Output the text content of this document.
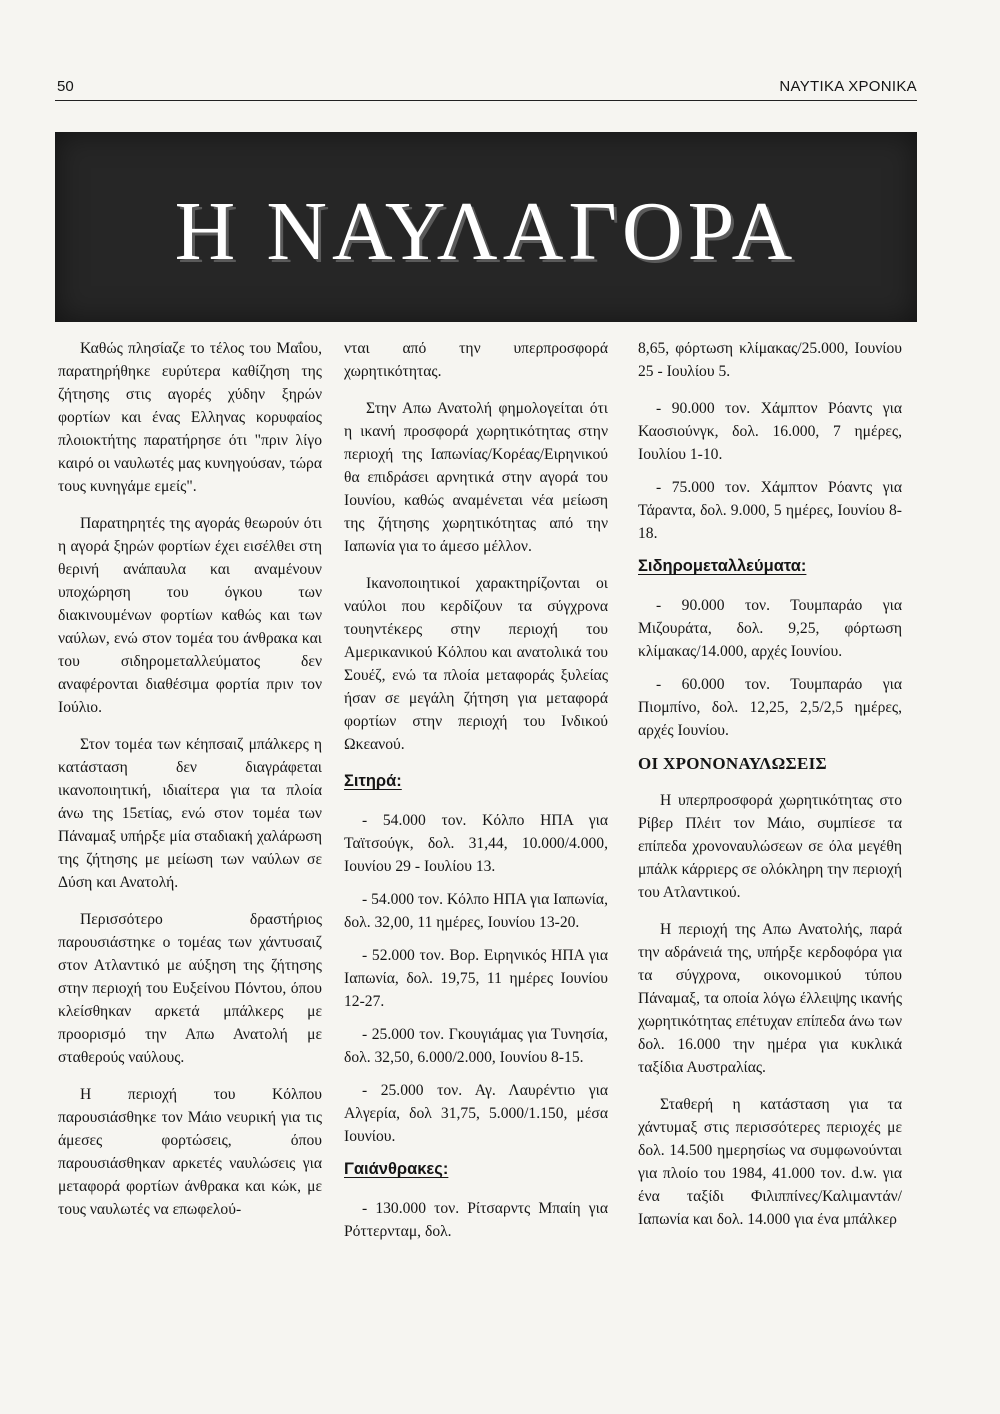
50	ΝΑΥΤΙΚΑ ΧΡΟΝΙΚΑ
Η ΝΑΥΛΑΓΟΡΑ

Καθώς πλησίαζε το τέλος του Μαΐου, παρατηρήθηκε ευρύτερα καθίζηση της ζήτησης στις αγορές χύδην ξηρών φορτίων και ένας Ελληνας κορυφαίος πλοιοκτήτης παρατήρησε ότι "πριν λίγο καιρό οι ναυλωτές μας κυνηγούσαν, τώρα τους κυνηγάμε εμείς".

Παρατηρητές της αγοράς θεωρούν ότι η αγορά ξηρών φορτίων έχει εισέλθει στη θερινή ανάπαυλα και αναμένουν υποχώρηση του όγκου των διακινουμένων φορτίων καθώς και των ναύλων, ενώ στον τομέα του άνθρακα και του σιδηρομεταλλεύματος δεν αναφέρονται διαθέσιμα φορτία πριν τον Ιούλιο.

Στον τομέα των κέηπσαιζ μπάλκερς η κατάσταση δεν διαγράφεται ικανοποιητική, ιδιαίτερα για τα πλοία άνω της 15ετίας, ενώ στον τομέα των Πάναμαξ υπήρξε μία σταδιακή χαλάρωση της ζήτησης με μείωση των ναύλων σε Δύση και Ανατολή.

Περισσότερο δραστήριος παρουσιάστηκε ο τομέας των χάντυσαιζ στον Ατλαντικό με αύξηση της ζήτησης στην περιοχή του Ευξείνου Πόντου, όπου κλείσθηκαν αρκετά μπάλκερς με προορισμό την Απω Ανατολή με σταθερούς ναύλους.

Η περιοχή του Κόλπου παρουσιάσθηκε τον Μάιο νευρική για τις άμεσες φορτώσεις, όπου παρουσιάσθηκαν αρκετές ναυλώσεις για μεταφορά φορτίων άνθρακα και κώκ, με τους ναυλωτές να επωφελού-

νται από την υπερπροσφορά χωρητικότητας.

Στην Απω Ανατολή φημολογείται ότι η ικανή προσφορά χωρητικότητας στην περιοχή της Ιαπωνίας/Κορέας/Ειρηνικού θα επιδράσει αρνητικά στην αγορά του Ιουνίου, καθώς αναμένεται νέα μείωση της ζήτησης χωρητικότητας από την Ιαπωνία για το άμεσο μέλλον.

Ικανοποιητικοί χαρακτηρίζονται οι ναύλοι που κερδίζουν τα σύγχρονα τουηντέκερς στην περιοχή του Αμερικανικού Κόλπου και ανατολικά του Σουέζ, ενώ τα πλοία μεταφοράς ξυλείας ήσαν σε μεγάλη ζήτηση για μεταφορά φορτίων στην περιοχή του Ινδικού Ωκεανού.

Σιτηρά:

- 54.000 τον. Κόλπο ΗΠΑ για Ταϊτσούγκ, δολ. 31,44, 10.000/4.000, Ιουνίου 29 - Ιουλίου 13.

- 54.000 τον. Κόλπο ΗΠΑ για Ιαπωνία, δολ. 32,00, 11 ημέρες, Ιουνίου 13-20.

- 52.000 τον. Βορ. Ειρηνικός ΗΠΑ για Ιαπωνία, δολ. 19,75, 11 ημέρες Ιουνίου 12-27.

- 25.000 τον. Γκουγιάμας για Τυνησία, δολ. 32,50, 6.000/2.000, Ιουνίου 8-15.

- 25.000 τον. Αγ. Λαυρέντιο για Αλγερία, δολ 31,75, 5.000/1.150, μέσα Ιουνίου.

Γαιάνθρακες:

- 130.000 τον. Ρίτσαρντς Μπαίη για Ρόττερνταμ, δολ.

8,65, φόρτωση κλίμακας/25.000, Ιουνίου 25 - Ιουλίου 5.

- 90.000 τον. Χάμπτον Ρόαντς για Καοσιούνγκ, δολ. 16.000, 7 ημέρες, Ιουλίου 1-10.

- 75.000 τον. Χάμπτον Ρόαντς για Τάραντα, δολ. 9.000, 5 ημέρες, Ιουνίου 8-18.

Σιδηρομεταλλεύματα:

- 90.000 τον. Τουμπαράο για Μιζουράτα, δολ. 9,25, φόρτωση κλίμακας/14.000, αρχές Ιουνίου.

- 60.000 τον. Τουμπαράο για Πιομπίνο, δολ. 12,25, 2,5/2,5 ημέρες, αρχές Ιουνίου.

ΟΙ ΧΡΟΝΟΝΑΥΛΩΣΕΙΣ

Η υπερπροσφορά χωρητικότητας στο Ρίβερ Πλέιτ τον Μάιο, συμπίεσε τα επίπεδα χρονοναυλώσεων σε όλα μεγέθη μπάλκ κάρριερς σε ολόκληρη την περιοχή του Ατλαντικού.

Η περιοχή της Απω Ανατολής, παρά την αδράνειά της, υπήρξε κερδοφόρα για τα σύγχρονα, οικονομικού τύπου Πάναμαξ, τα οποία λόγω έλλειψης ικανής χωρητικότητας επέτυχαν επίπεδα άνω των δολ. 16.000 την ημέρα για κυκλικά ταξίδια Αυστραλίας.

Σταθερή η κατάσταση για τα χάντυμαξ στις περισσότερες περιοχές με δολ. 14.500 ημερησίως να συμφωνούνται για πλοίο του 1984, 41.000 τον. d.w. για ένα ταξίδι Φιλιππίνες/Καλιμαντάν/Ιαπωνία και δολ. 14.000 για ένα μπάλκερ
